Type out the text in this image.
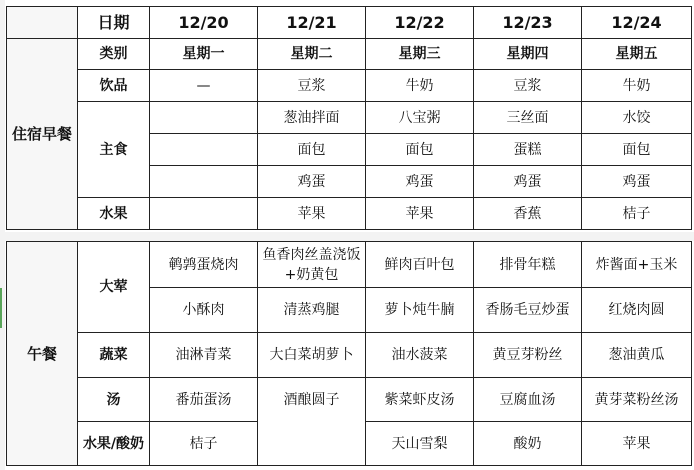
	日期	12/20	12/21	12/22	12/23	12/24
住宿早餐	类别	星期一	星期二	星期三	星期四	星期五
	饮品	—	豆浆	牛奶	豆浆	牛奶
	主食		葱油拌面	八宝粥	三丝面	水饺
			面包	面包	蛋糕	面包
			鸡蛋	鸡蛋	鸡蛋	鸡蛋
	水果		苹果	苹果	香蕉	桔子
午餐	大荤	鹌鹑蛋烧肉	鱼香肉丝盖浇饭+奶黄包	鲜肉百叶包	排骨年糕	炸酱面+玉米
		小酥肉	清蒸鸡腿	萝卜炖牛腩	香肠毛豆炒蛋	红烧肉圆
	蔬菜	油淋青菜	大白菜胡萝卜	油水菠菜	黄豆芽粉丝	葱油黄瓜
	汤	番茄蛋汤	酒酿圆子	紫菜虾皮汤	豆腐血汤	黄芽菜粉丝汤
	水果/酸奶	桔子		天山雪梨	酸奶	苹果
